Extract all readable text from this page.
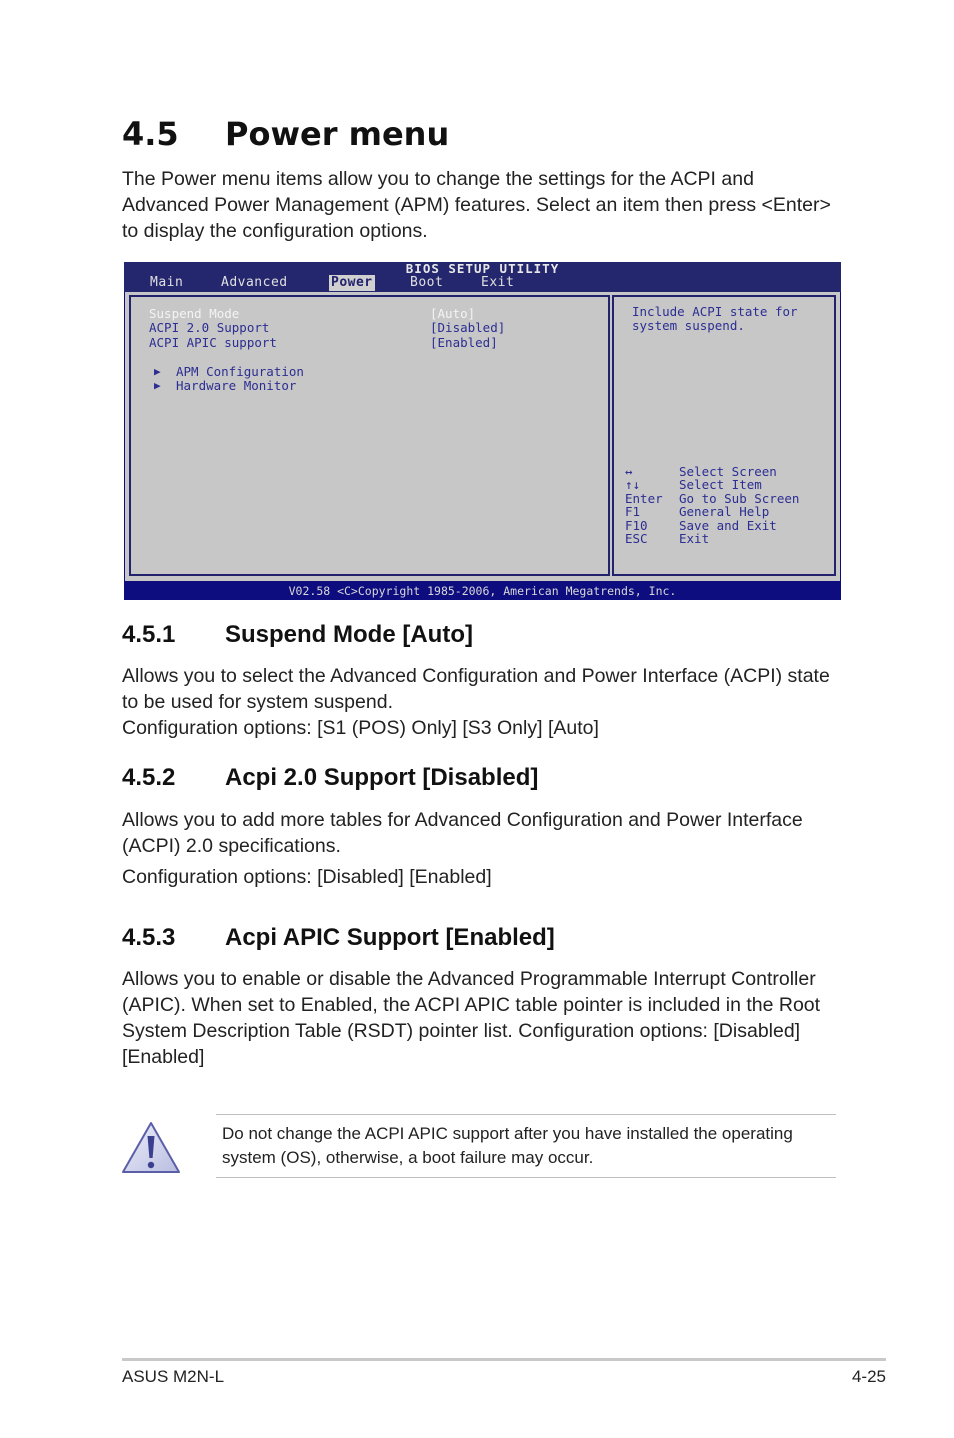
4.5 Power menu

The Power menu items allow you to change the settings for the ACPI and Advanced Power Management (APM) features. Select an item then press <Enter> to display the configuration options.

BIOS SETUP UTILITY
Main	Advanced	Power	Boot	Exit
Suspend Mode	[Auto]
ACPI 2.0 Support	[Disabled]
ACPI APIC support	[Enabled]
▶ APM Configuration
▶ Hardware Monitor
Include ACPI state for
system suspend.
↔	Select Screen
↑↓	Select Item
Enter Go to Sub Screen
F1	General Help
F10	Save and Exit
ESC	Exit
V02.58 <C>Copyright 1985-2006, American Megatrends, Inc.
4.5.1 Suspend Mode [Auto]

Allows you to select the Advanced Configuration and Power Interface (ACPI) state to be used for system suspend.

Configuration options: [S1 (POS) Only] [S3 Only] [Auto]

4.5.2 Acpi 2.0 Support [Disabled]

Allows you to add more tables for Advanced Configuration and Power Interface (ACPI) 2.0 specifications.

Configuration options: [Disabled] [Enabled]

4.5.3 Acpi APIC Support [Enabled]

Allows you to enable or disable the Advanced Programmable Interrupt Controller (APIC). When set to Enabled, the ACPI APIC table pointer is included in the Root System Description Table (RSDT) pointer list. Configuration options: [Disabled] [Enabled]

Do not change the ACPI APIC support after you have installed the operating system (OS), otherwise, a boot failure may occur.

ASUS M2N-L	4-25
